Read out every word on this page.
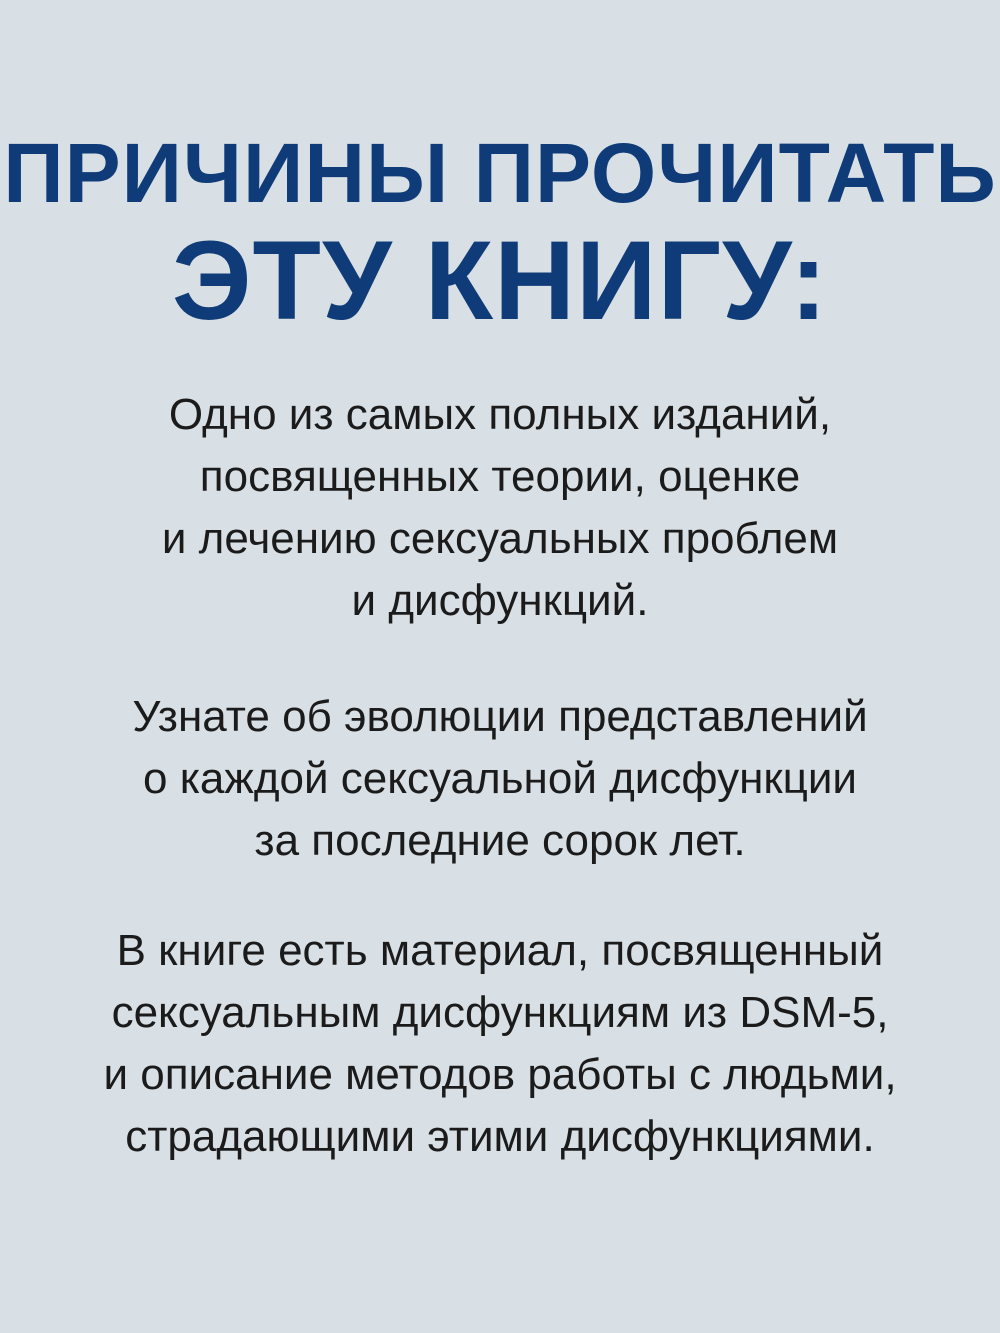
ПРИЧИНЫ ПРОЧИТАТЬ
ЭТУ КНИГУ:
Одно из самых полных изданий,
посвященных теории, оценке
и лечению сексуальных проблем
и дисфункций.
Узнате об эволюции представлений
о каждой сексуальной дисфункции
за последние сорок лет.
В книге есть материал, посвященный
сексуальным дисфункциям из DSM-5,
и описание методов работы с людьми,
страдающими этими дисфункциями.
